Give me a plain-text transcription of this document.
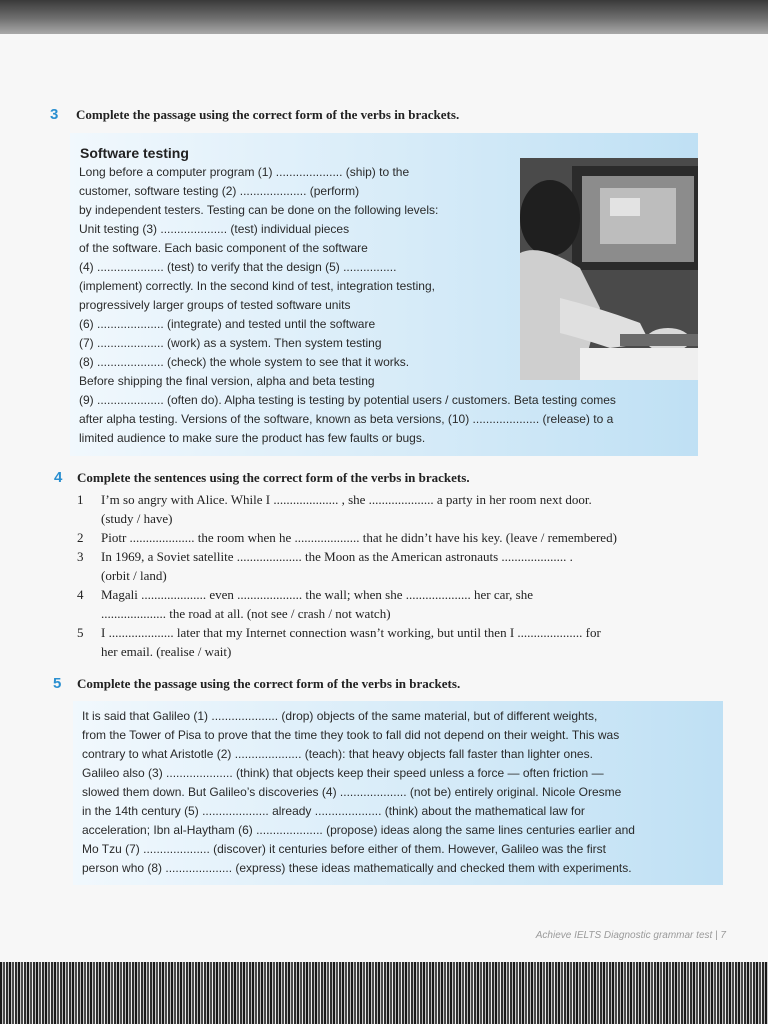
3 Complete the passage using the correct form of the verbs in brackets.
Software testing
Long before a computer program (1) .................... (ship) to the
customer, software testing (2) .................... (perform)
by independent testers. Testing can be done on the following levels:
Unit testing (3) .................... (test) individual pieces
of the software. Each basic component of the software
(4) .................... (test) to verify that the design (5) ................
(implement) correctly. In the second kind of test, integration testing,
progressively larger groups of tested software units
(6) .................... (integrate) and tested until the software
(7) .................... (work) as a system. Then system testing
(8) .................... (check) the whole system to see that it works.
Before shipping the final version, alpha and beta testing
(9) .................... (often do). Alpha testing is testing by potential users / customers. Beta testing comes
after alpha testing. Versions of the software, known as beta versions, (10) .................... (release) to a
limited audience to make sure the product has few faults or bugs.
4 Complete the sentences using the correct form of the verbs in brackets.
1 I’m so angry with Alice. While I .................... , she .................... a party in her room next door.
(study / have)
2 Piotr .................... the room when he .................... that he didn’t have his key. (leave / remembered)
3 In 1969, a Soviet satellite .................... the Moon as the American astronauts .................... .
(orbit / land)
4 Magali .................... even .................... the wall; when she .................... her car, she
.................... the road at all. (not see / crash / not watch)
5 I .................... later that my Internet connection wasn’t working, but until then I .................... for
her email. (realise / wait)
5 Complete the passage using the correct form of the verbs in brackets.
It is said that Galileo (1) .................... (drop) objects of the same material, but of different weights,
from the Tower of Pisa to prove that the time they took to fall did not depend on their weight. This was
contrary to what Aristotle (2) .................... (teach): that heavy objects fall faster than lighter ones.
Galileo also (3) .................... (think) that objects keep their speed unless a force — often friction —
slowed them down. But Galileo’s discoveries (4) .................... (not be) entirely original. Nicole Oresme
in the 14th century (5) .................... already .................... (think) about the mathematical law for
acceleration; Ibn al-Haytham (6) .................... (propose) ideas along the same lines centuries earlier and
Mo Tzu (7) .................... (discover) it centuries before either of them. However, Galileo was the first
person who (8) .................... (express) these ideas mathematically and checked them with experiments.
Achieve IELTS Diagnostic grammar test | 7
